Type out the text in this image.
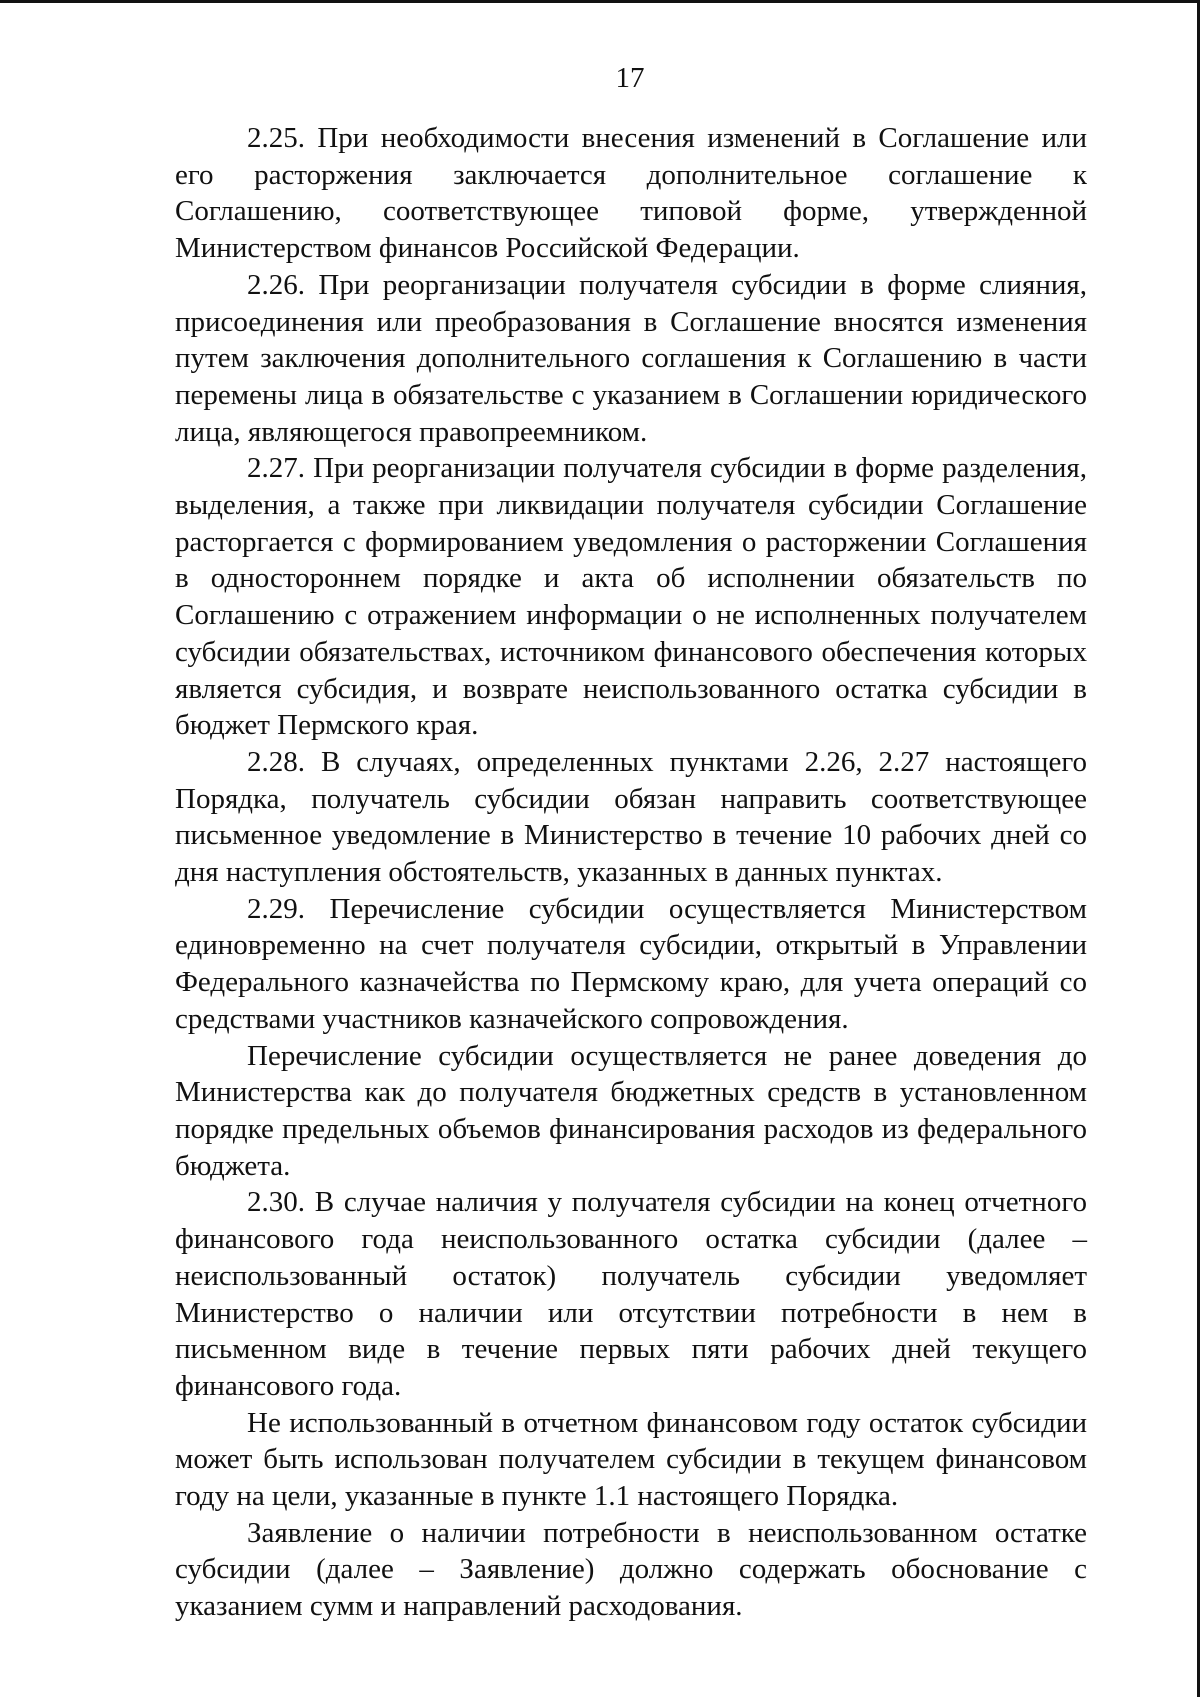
17

2.25. При необходимости внесения изменений в Соглашение или его расторжения заключается дополнительное соглашение к Соглашению, соответствующее типовой форме, утвержденной Министерством финансов Российской Федерации.

2.26. При реорганизации получателя субсидии в форме слияния, присоединения или преобразования в Соглашение вносятся изменения путем заключения дополнительного соглашения к Соглашению в части перемены лица в обязательстве с указанием в Соглашении юридического лица, являющегося правопреемником.

2.27. При реорганизации получателя субсидии в форме разделения, выделения, а также при ликвидации получателя субсидии Соглашение расторгается с формированием уведомления о расторжении Соглашения в одностороннем порядке и акта об исполнении обязательств по Соглашению с отражением информации о не исполненных получателем субсидии обязательствах, источником финансового обеспечения которых является субсидия, и возврате неиспользованного остатка субсидии в бюджет Пермского края.

2.28. В случаях, определенных пунктами 2.26, 2.27 настоящего Порядка, получатель субсидии обязан направить соответствующее письменное уведомление в Министерство в течение 10 рабочих дней со дня наступления обстоятельств, указанных в данных пунктах.

2.29. Перечисление субсидии осуществляется Министерством единовременно на счет получателя субсидии, открытый в Управлении Федерального казначейства по Пермскому краю, для учета операций со средствами участников казначейского сопровождения.

Перечисление субсидии осуществляется не ранее доведения до Министерства как до получателя бюджетных средств в установленном порядке предельных объемов финансирования расходов из федерального бюджета.

2.30. В случае наличия у получателя субсидии на конец отчетного финансового года неиспользованного остатка субсидии (далее – неиспользованный остаток) получатель субсидии уведомляет Министерство о наличии или отсутствии потребности в нем в письменном виде в течение первых пяти рабочих дней текущего финансового года.

Не использованный в отчетном финансовом году остаток субсидии может быть использован получателем субсидии в текущем финансовом году на цели, указанные в пункте 1.1 настоящего Порядка.

Заявление о наличии потребности в неиспользованном остатке субсидии (далее – Заявление) должно содержать обоснование с указанием сумм и направлений расходования.
